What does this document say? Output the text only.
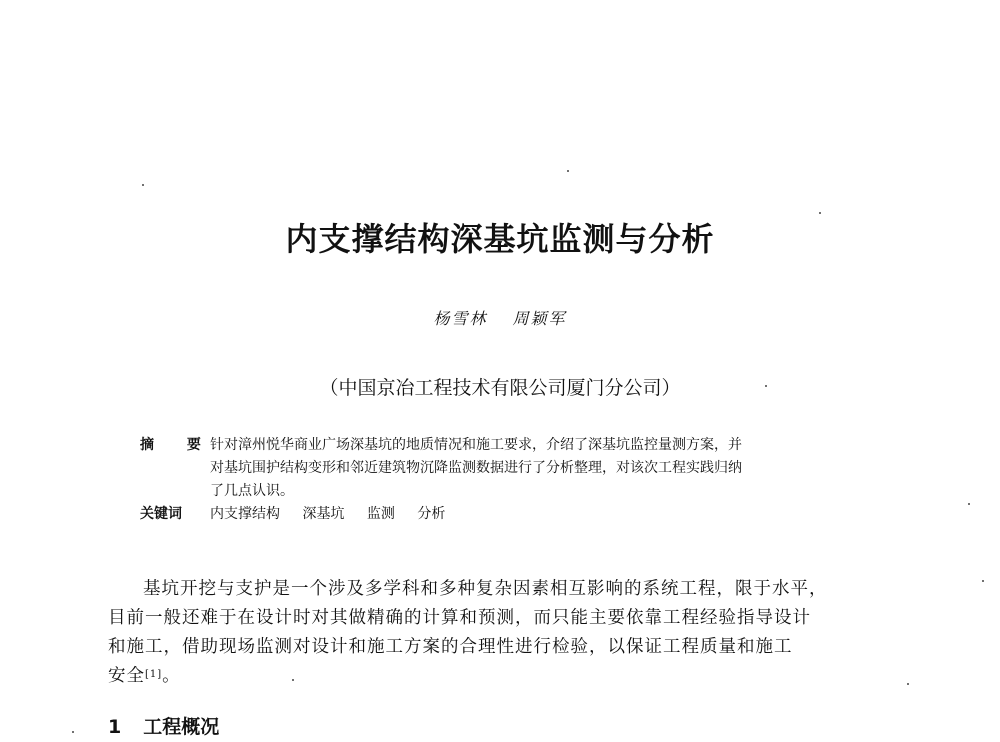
内支撑结构深基坑监测与分析
杨雪林 周颖军
（中国京冶工程技术有限公司厦门分公司）
摘 要
针对漳州悦华商业广场深基坑的地质情况和施工要求，介绍了深基坑监控量测方案，并
对基坑围护结构变形和邻近建筑物沉降监测数据进行了分析整理，对该次工程实践归纳
了几点认识。
关键词	内支撑结构 深基坑 监测 分析
基坑开挖与支护是一个涉及多学科和多种复杂因素相互影响的系统工程，限于水平，
目前一般还难于在设计时对其做精确的计算和预测，而只能主要依靠工程经验指导设计
和施工，借助现场监测对设计和施工方案的合理性进行检验，以保证工程质量和施工
安全[1]。
1 工程概况
